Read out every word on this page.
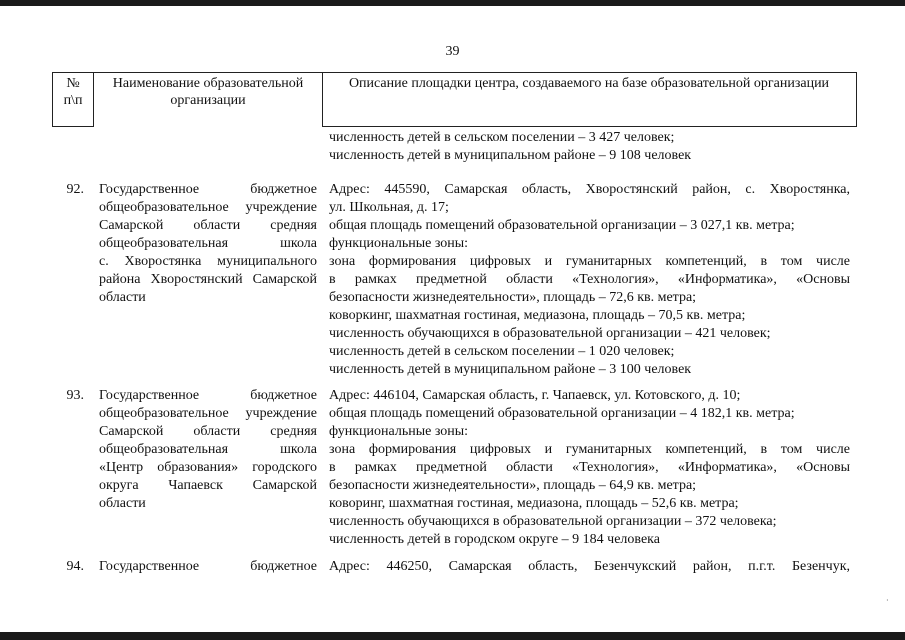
39
№
п\п
Наименование образовательной
организации
Описание площадки центра, создаваемого на базе образовательной организации
численность детей в сельском поселении – 3 427 человек;
численность детей в муниципальном районе – 9 108 человек
92. Государственное бюджетное
общеобразовательное учреждение
Самарской области средняя
общеобразовательная школа
с. Хворостянка муниципального
района Хворостянский Самарской
области
Адрес: 445590, Самарская область, Хворостянский район, с. Хворостянка,
ул. Школьная, д. 17;
общая площадь помещений образовательной организации – 3 027,1 кв. метра;
функциональные зоны:
зона формирования цифровых и гуманитарных компетенций, в том числе
в рамках предметной области «Технология», «Информатика», «Основы
безопасности жизнедеятельности», площадь – 72,6 кв. метра;
коворкинг, шахматная гостиная, медиазона, площадь – 70,5 кв. метра;
численность обучающихся в образовательной организации – 421 человек;
численность детей в сельском поселении – 1 020 человек;
численность детей в муниципальном районе – 3 100 человек
93. Государственное бюджетное
общеобразовательное учреждение
Самарской области средняя
общеобразовательная школа
«Центр образования» городского
округа Чапаевск Самарской
области
Адрес: 446104, Самарская область, г. Чапаевск, ул. Котовского, д. 10;
общая площадь помещений образовательной организации – 4 182,1 кв. метра;
функциональные зоны:
зона формирования цифровых и гуманитарных компетенций, в том числе
в рамках предметной области «Технология», «Информатика», «Основы
безопасности жизнедеятельности», площадь – 64,9 кв. метра;
коворинг, шахматная гостиная, медиазона, площадь – 52,6 кв. метра;
численность обучающихся в образовательной организации – 372 человека;
численность детей в городском округе – 9 184 человека
94. Государственное бюджетное Адрес: 446250, Самарская область, Безенчукский район, п.г.т. Безенчук,
·
